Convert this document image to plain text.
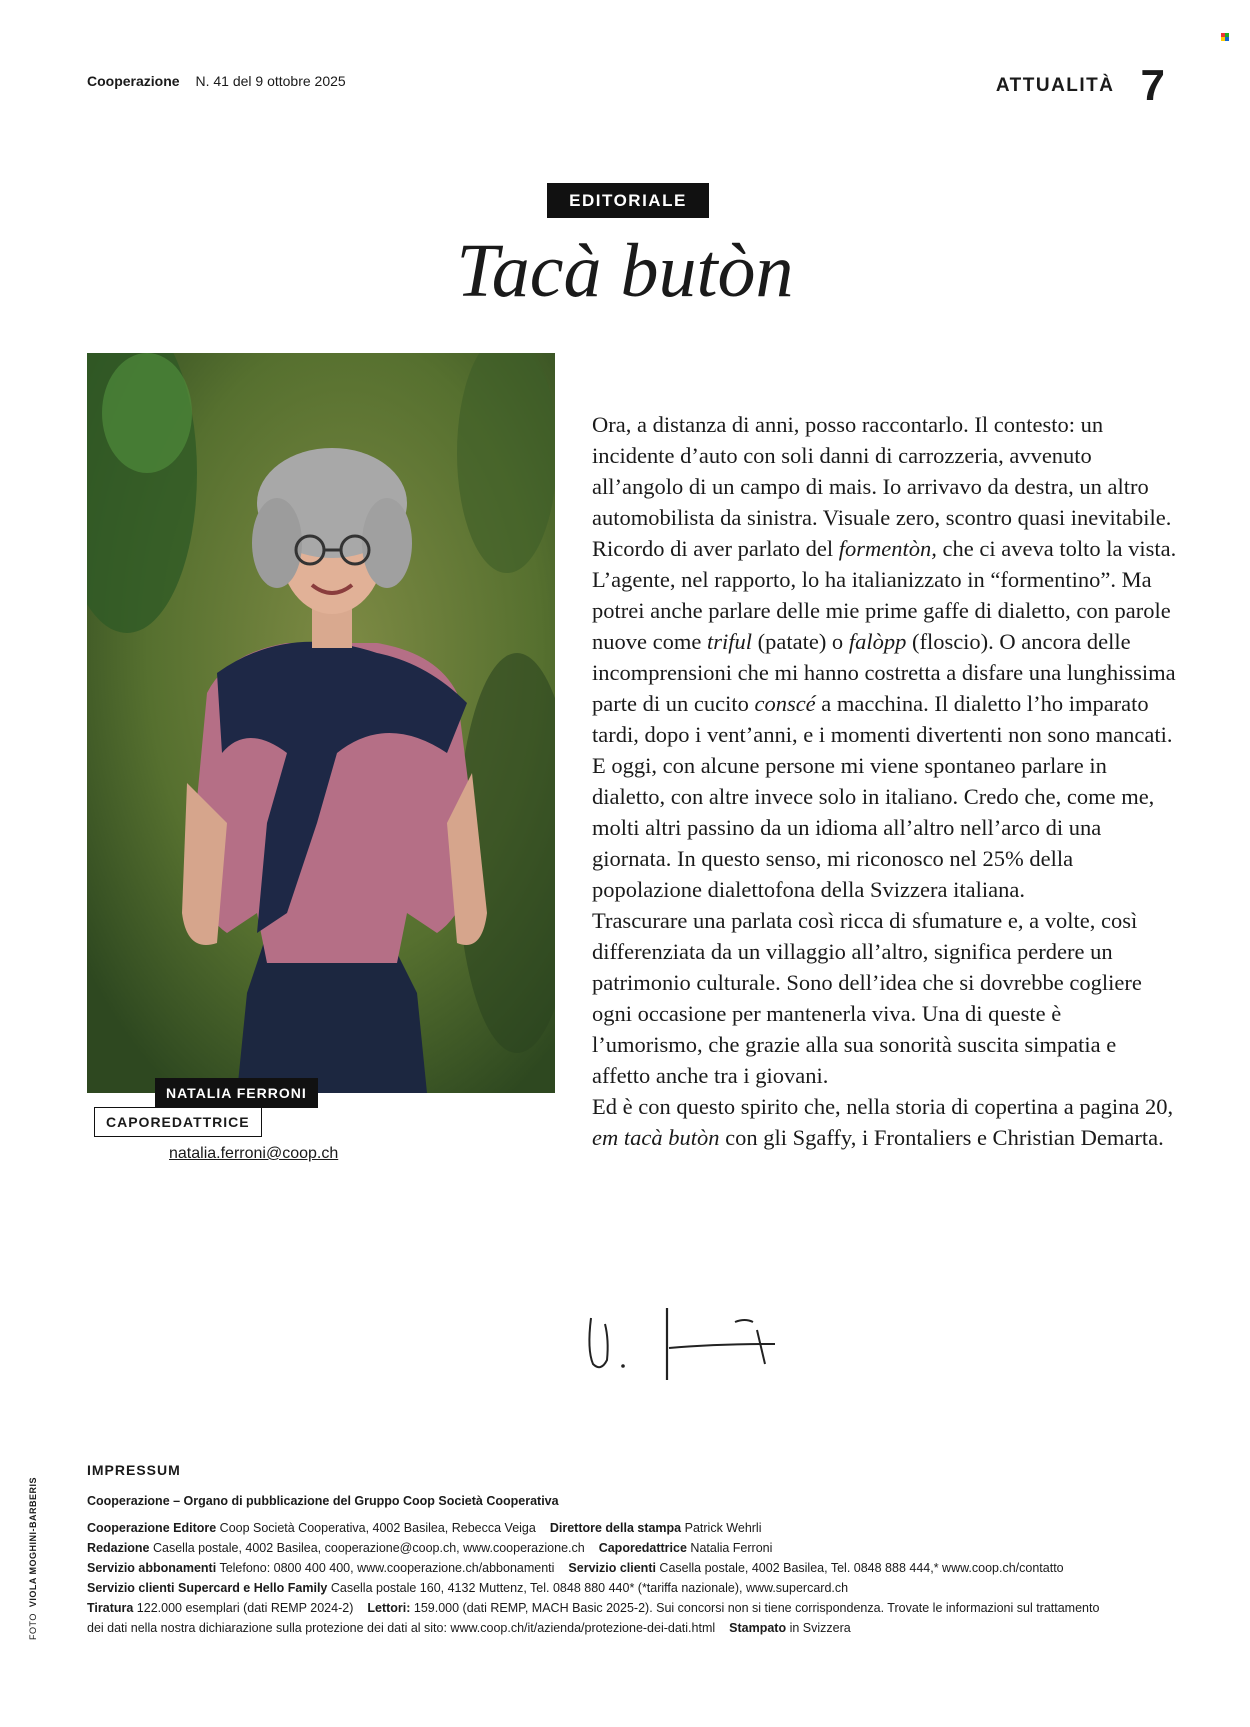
Cooperazione N. 41 del 9 ottobre 2025	ATTUALITÀ 7
EDITORIALE
Tacà butòn
NATALIA FERRONI
CAPOREDATTRICE
natalia.ferroni@coop.ch

Ora, a distanza di anni, posso raccontarlo. Il contesto: un incidente d’auto con soli danni di carrozzeria, avvenuto all’angolo di un campo di mais. Io arrivavo da destra, un altro automobilista da sinistra. Visuale zero, scontro quasi inevitabile. Ricordo di aver parlato del formentòn, che ci aveva tolto la vista.

L’agente, nel rapporto, lo ha italianizzato in “formentino”. Ma potrei anche parlare delle mie prime gaffe di dialetto, con parole nuove come triful (patate) o falòpp (floscio). O ancora delle incomprensioni che mi hanno costretta a disfare una lunghissima parte di un cucito conscé a macchina. Il dialetto l’ho imparato tardi, dopo i vent’anni, e i momenti divertenti non sono mancati. E oggi, con alcune persone mi viene spontaneo parlare in dialetto, con altre invece solo in italiano. Credo che, come me, molti altri passino da un idioma all’altro nell’arco di una giornata. In questo senso, mi riconosco nel 25% della popolazione dialettofona della Svizzera italiana.

Trascurare una parlata così ricca di sfumature e, a volte, così differenziata da un villaggio all’altro, significa perdere un patrimonio culturale. Sono dell’idea che si dovrebbe cogliere ogni occasione per mantenerla viva. Una di queste è l’umorismo, che grazie alla sua sonorità suscita simpatia e affetto anche tra i giovani.

Ed è con questo spirito che, nella storia di copertina a pagina 20, em tacà butòn con gli Sgaffy, i Frontaliers e Christian Demarta.

IMPRESSUM
Cooperazione – Organo di pubblicazione del Gruppo Coop Società Cooperativa
Cooperazione Editore Coop Società Cooperativa, 4002 Basilea, Rebecca Veiga Direttore della stampa Patrick Wehrli
Redazione Casella postale, 4002 Basilea, cooperazione@coop.ch, www.cooperazione.ch Caporedattrice Natalia Ferroni
Servizio abbonamenti Telefono: 0800 400 400, www.cooperazione.ch/abbonamenti Servizio clienti Casella postale, 4002 Basilea, Tel. 0848 888 444,* www.coop.ch/contatto
Servizio clienti Supercard e Hello Family Casella postale 160, 4132 Muttenz, Tel. 0848 880 440* (*tariffa nazionale), www.supercard.ch
Tiratura 122.000 esemplari (dati REMP 2024-2) Lettori: 159.000 (dati REMP, MACH Basic 2025-2). Sui concorsi non si tiene corrispondenza. Trovate le informazioni sul trattamento
dei dati nella nostra dichiarazione sulla protezione dei dati al sito: www.coop.ch/it/azienda/protezione-dei-dati.html Stampato in Svizzera
FOTO  VIOLA MOGHINI-BARBERIS
